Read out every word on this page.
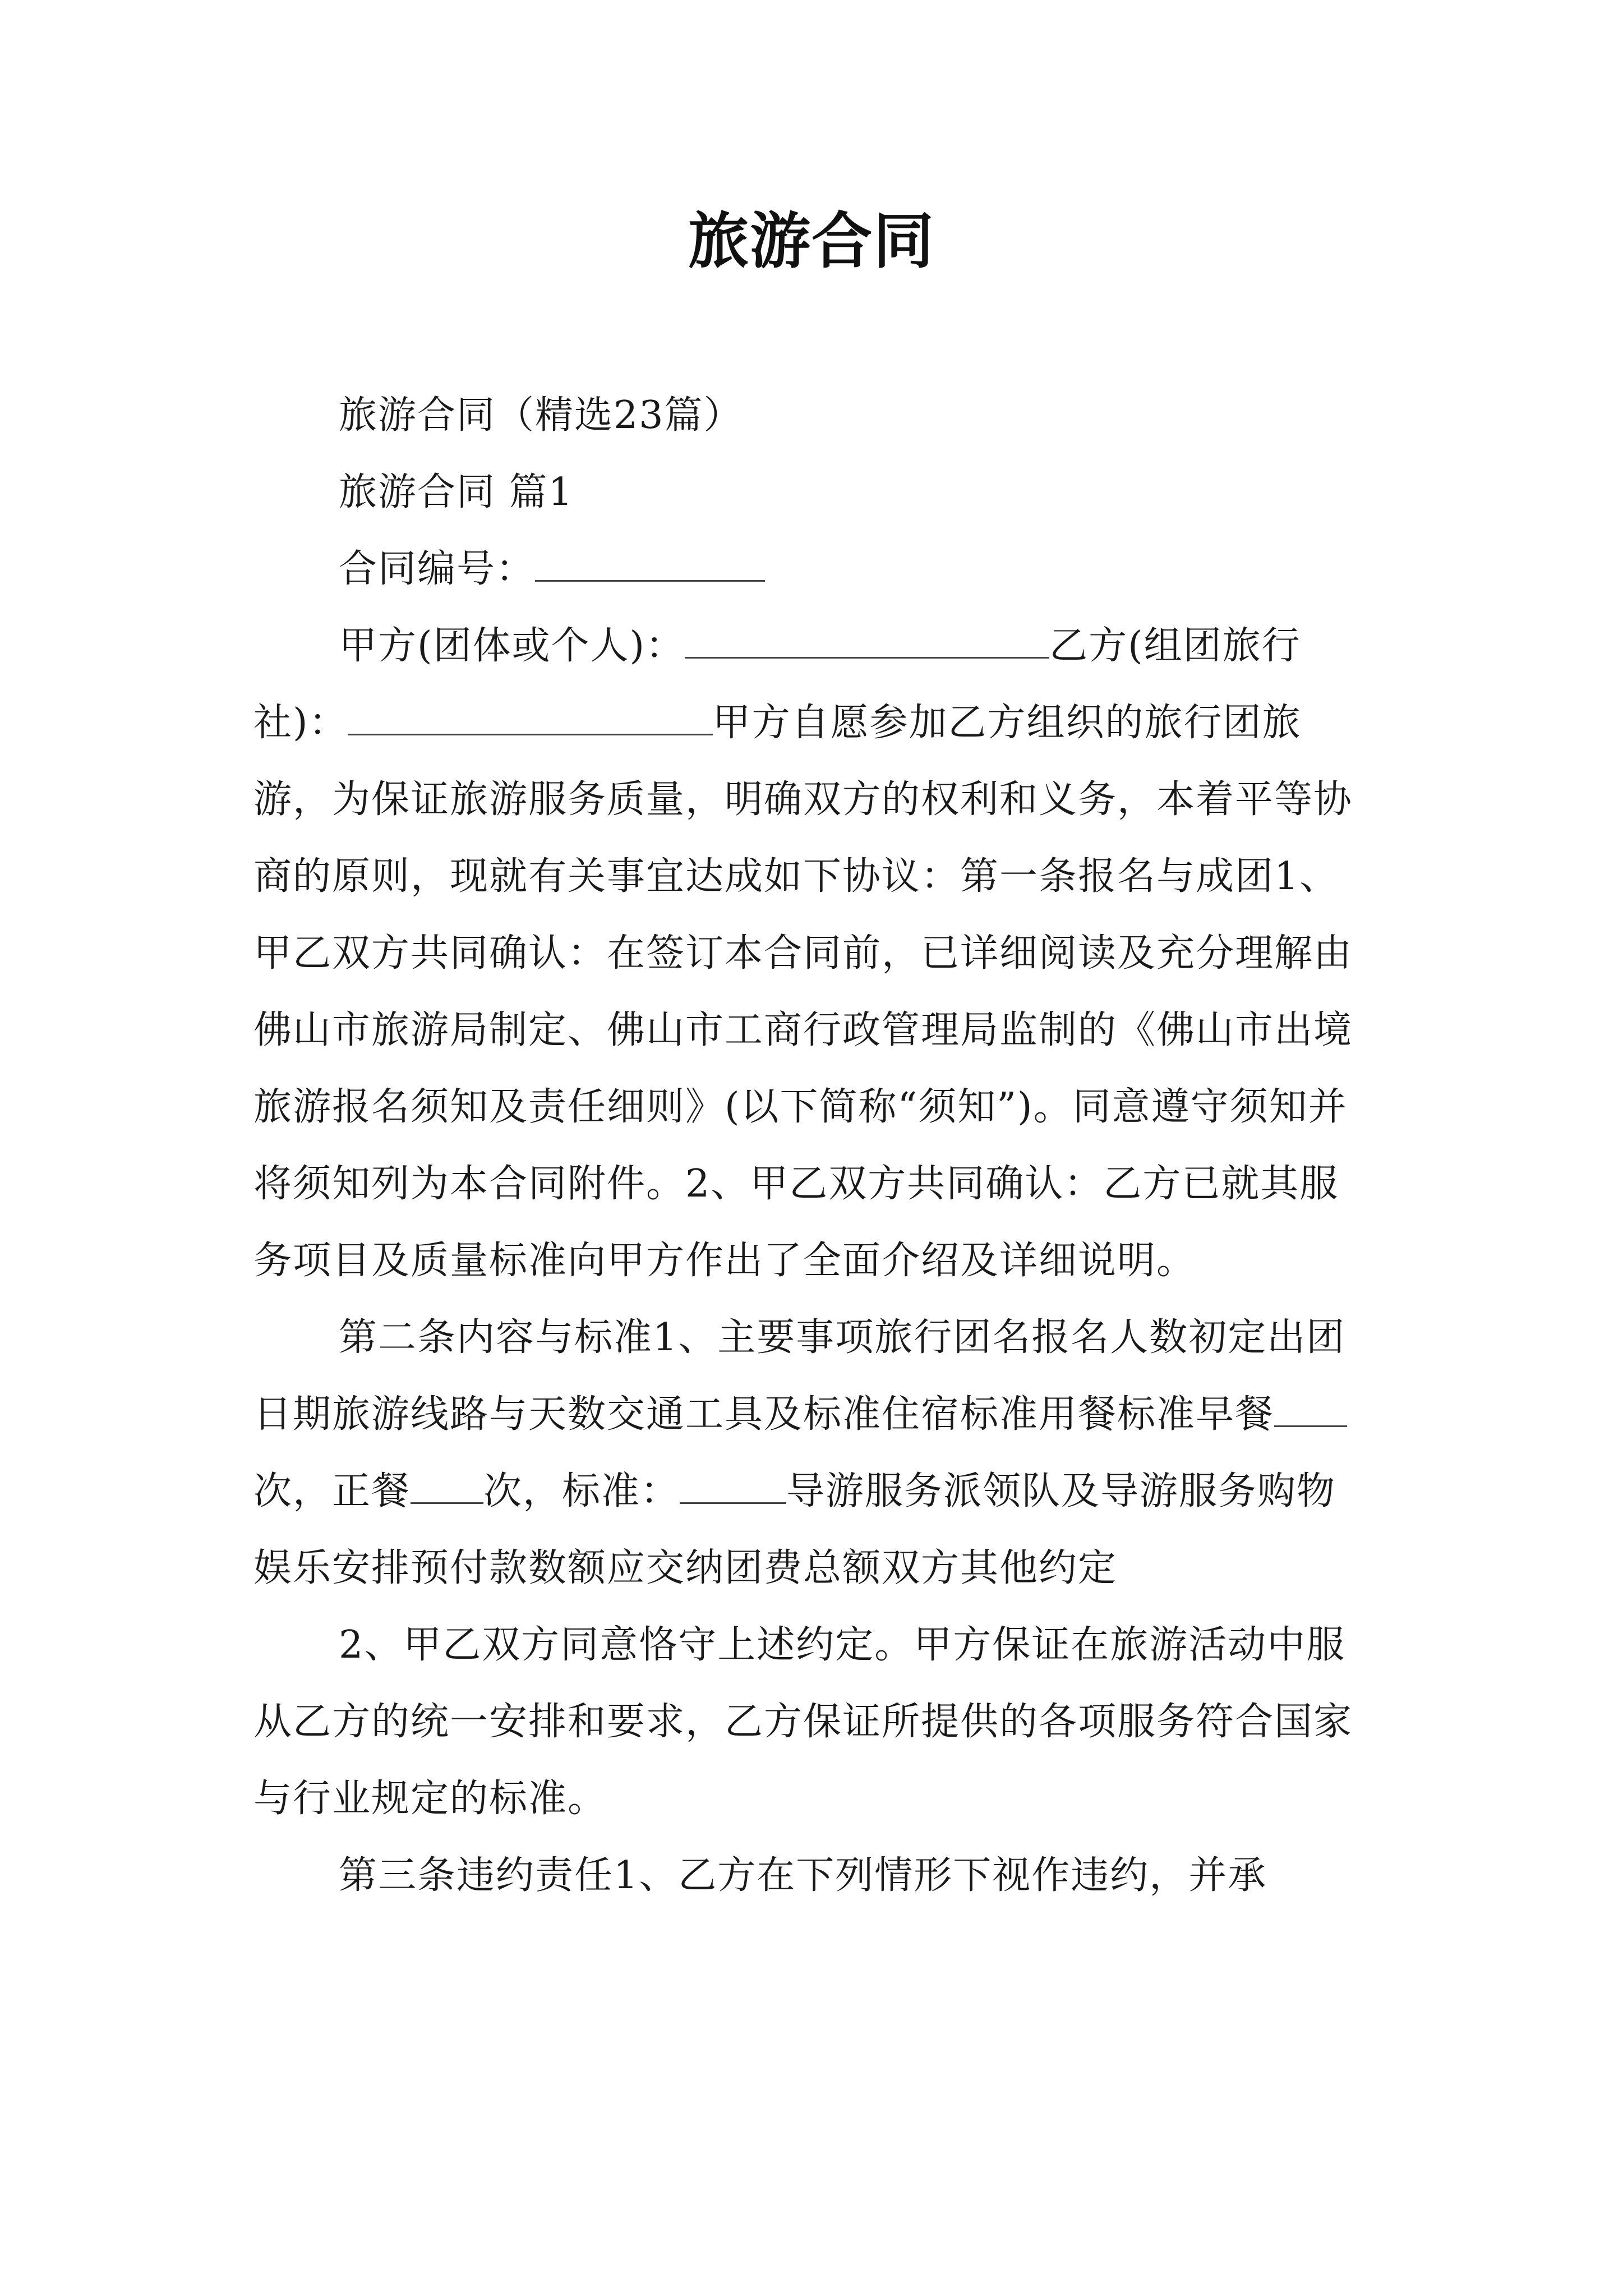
旅游合同

旅游合同（精选23篇）

旅游合同 篇1

合同编号：

甲方(团体或个人)：	乙方(组团旅行社)：	甲方自愿参加乙方组织的旅行团旅游，为保证旅游服务质量，明确双方的权利和义务，本着平等协商的原则，现就有关事宜达成如下协议：第一条报名与成团1、甲乙双方共同确认：在签订本合同前，已详细阅读及充分理解由佛山市旅游局制定、佛山市工商行政管理局监制的《佛山市出境旅游报名须知及责任细则》(以下简称“须知”)。同意遵守须知并将须知列为本合同附件。2、甲乙双方共同确认：乙方已就其服务项目及质量标准向甲方作出了全面介绍及详细说明。

第二条内容与标准1、主要事项旅行团名报名人数初定出团日期旅游线路与天数交通工具及标准住宿标准用餐标准早餐次，正餐 次，标准：	导游服务派领队及导游服务购物娱乐安排预付款数额应交纳团费总额双方其他约定

2、甲乙双方同意恪守上述约定。甲方保证在旅游活动中服从乙方的统一安排和要求，乙方保证所提供的各项服务符合国家与行业规定的标准。

第三条违约责任1、乙方在下列情形下视作违约，并承
